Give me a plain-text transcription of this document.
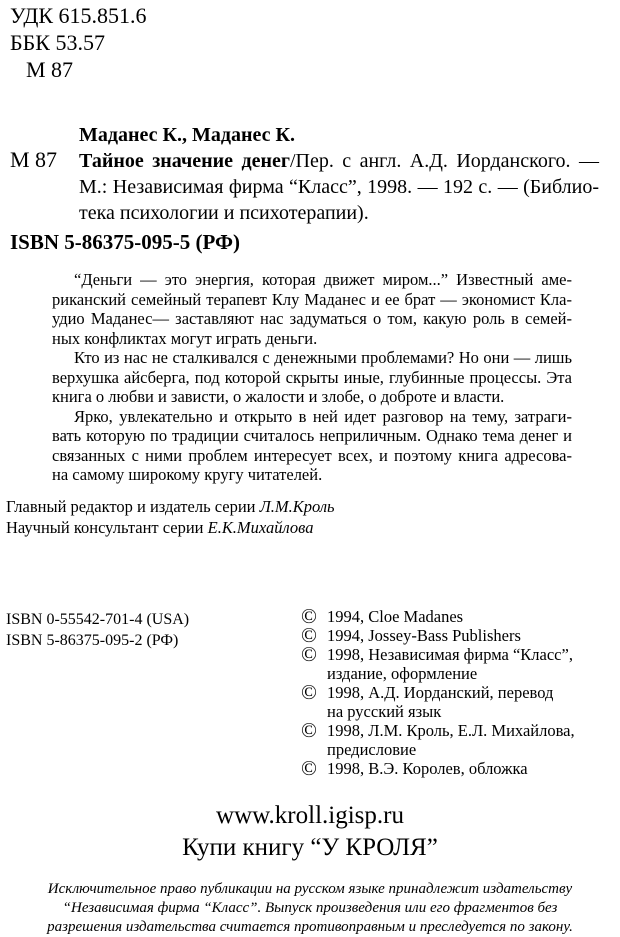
УДК 615.851.6
ББК 53.57
М 87
М 87
Маданес К., Маданес К.
Тайное значение денег/Пер. с англ. А.Д. Иорданского. —
М.: Независимая фирма “Класс”, 1998. — 192 с. — (Библио-
тека психологии и психотерапии).
ISBN 5-86375-095-5 (РФ)

“Деньги — это энергия, которая движет миром...” Известный аме-
риканский семейный терапевт Клу Маданес и ее брат — экономист Кла-
удио Маданес— заставляют нас задуматься о том, какую роль в семей-
ных конфликтах могут играть деньги.

Кто из нас не сталкивался с денежными проблемами? Но они — лишь
верхушка айсберга, под которой скрыты иные, глубинные процессы. Эта
книга о любви и зависти, о жалости и злобе, о доброте и власти.

Ярко, увлекательно и открыто в ней идет разговор на тему, затраги-
вать которую по традиции считалось неприличным. Однако тема денег и
связанных с ними проблем интересует всех, и поэтому книга адресова-
на самому широкому кругу читателей.

Главный редактор и издатель серии Л.М.Кроль
Научный консультант серии Е.К.Михайлова
ISBN 0-55542-701-4 (USA)
ISBN 5-86375-095-2 (РФ)
© 1994, Cloe Madanes
© 1994, Jossey-Bass Publishers
© 1998, Независимая фирма “Класс”,
издание, оформление
© 1998, А.Д. Иорданский, перевод
на русский язык
© 1998, Л.М. Кроль, Е.Л. Михайлова,
предисловие
© 1998, В.Э. Королев, обложка
www.kroll.igisp.ru
Купи книгу “У КРОЛЯ”
Исключительное право публикации на русском языке принадлежит издательству
“Независимая фирма “Класс”. Выпуск произведения или его фрагментов без
разрешения издательства считается противоправным и преследуется по закону.
